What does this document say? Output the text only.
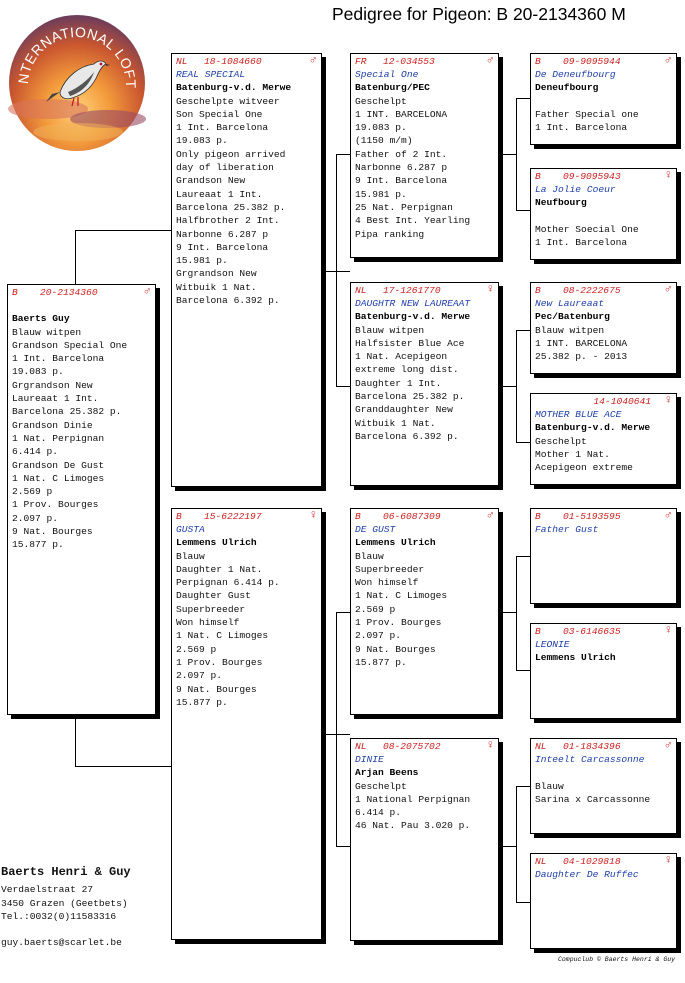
Pedigree for Pigeon: B 20-2134360 M
NTERNATIONAL LOFT
B 20-2134360	♂

Baerts Guy
Blauw witpen
Grandson Special One
1 Int. Barcelona
19.083 p.
Grgrandson New
Laureaat 1 Int.
Barcelona 25.382 p.
Grandson Dinie
1 Nat. Perpignan
6.414 p.
Grandson De Gust
1 Nat. C Limoges
2.569 p
1 Prov. Bourges
2.097 p.
9 Nat. Bourges
15.877 p.
NL 18-1084660	♂
REAL SPECIAL
Batenburg-v.d. Merwe
Geschelpte witveer
Son Special One
1 Int. Barcelona
19.083 p.
Only pigeon arrived
day of liberation
Grandson New
Laureaat 1 Int.
Barcelona 25.382 p.
Halfbrother 2 Int.
Narbonne 6.287 p
9 Int. Barcelona
15.981 p.
Grgrandson New
Witbuik 1 Nat.
Barcelona 6.392 p.
B 15-6222197	♀
GUSTA
Lemmens Ulrich
Blauw
Daughter 1 Nat.
Perpignan 6.414 p.
Daughter Gust
Superbreeder
Won himself
1 Nat. C Limoges
2.569 p
1 Prov. Bourges
2.097 p.
9 Nat. Bourges
15.877 p.
FR 12-034553	♂
Special One
Batenburg/PEC
Geschelpt
1 INT. BARCELONA
19.083 p.
(1150 m/m)
Father of 2 Int.
Narbonne 6.287 p
9 Int. Barcelona
15.981 p.
25 Nat. Perpignan
4 Best Int. Yearling
Pipa ranking
NL 17-1261770	♀
DAUGHTR NEW LAUREAAT
Batenburg-v.d. Merwe
Blauw witpen
Halfsister Blue Ace
1 Nat. Acepigeon
extreme long dist.
Daughter 1 Int.
Barcelona 25.382 p.
Granddaughter New
Witbuik 1 Nat.
Barcelona 6.392 p.
B 06-6087309	♂
DE GUST
Lemmens Ulrich
Blauw
Superbreeder
Won himself
1 Nat. C Limoges
2.569 p
1 Prov. Bourges
2.097 p.
9 Nat. Bourges
15.877 p.
NL 08-2075702	♀
DINIE
Arjan Beens
Geschelpt
1 National Perpignan
6.414 p.
46 Nat. Pau 3.020 p.
B 09-9095944	♂
De Deneufbourg
Deneufbourg

Father Special one
1 Int. Barcelona
B 09-9095943	♀
La Jolie Coeur
Neufbourg

Mother Soecial One
1 Int. Barcelona
B 08-2222675	♂
New Laureaat
Pec/Batenburg
Blauw witpen
1 INT. BARCELONA
25.382 p. - 2013
14-1040641 ♀
MOTHER BLUE ACE
Batenburg-v.d. Merwe
Geschelpt
Mother 1 Nat.
Acepigeon extreme
B 01-5193595	♂
Father Gust
B 03-6146635	♀
LEONIE
Lemmens Ulrich
NL 01-1834396	♂
Inteelt Carcassonne

Blauw
Sarina x Carcassonne
NL 04-1029818	♀
Daughter De Ruffec
Baerts Henri & Guy
Verdaelstraat 27
3450 Grazen (Geetbets)
Tel.:0032(0)11583316
guy.baerts@scarlet.be
Compuclub © Baerts Henri & Guy
